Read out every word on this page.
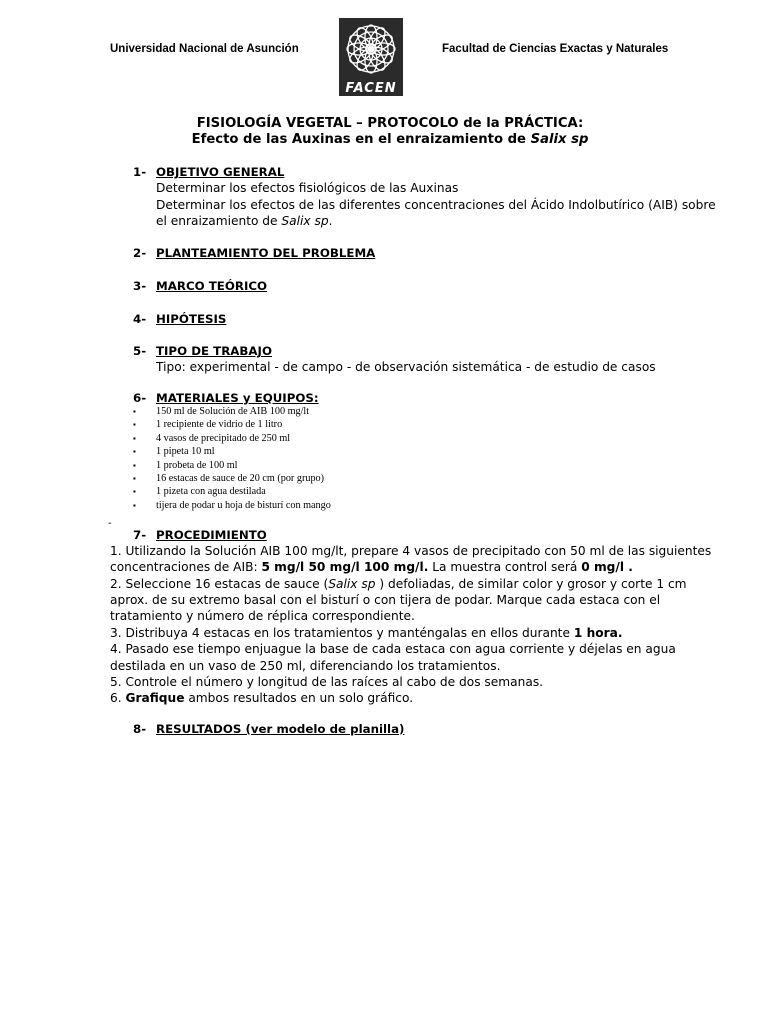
Universidad Nacional de Asunción
FACEN
Facultad de Ciencias Exactas y Naturales
FISIOLOGÍA VEGETAL – PROTOCOLO de la PRÁCTICA:
Efecto de las Auxinas en el enraizamiento de Salix sp
1- OBJETIVO GENERAL
Determinar los efectos fisiológicos de las Auxinas
Determinar los efectos de las diferentes concentraciones del Ácido Indolbutírico (AIB) sobre
el enraizamiento de Salix sp.
2- PLANTEAMIENTO DEL PROBLEMA
3- MARCO TEÓRICO
4- HIPÓTESIS
5- TIPO DE TRABAJO
Tipo: experimental - de campo - de observación sistemática - de estudio de casos
6- MATERIALES y EQUIPOS:
▪ 150 ml de Solución de AIB 100 mg/lt
▪ 1 recipiente de vidrio de 1 litro
▪ 4 vasos de precipitado de 250 ml
▪ 1 pipeta 10 ml
▪ 1 probeta de 100 ml
▪ 16 estacas de sauce de 20 cm (por grupo)
▪ 1 pizeta con agua destilada
▪ tijera de podar u hoja de bisturí con mango
-
7- PROCEDIMIENTO
1. Utilizando la Solución AIB 100 mg/lt, prepare 4 vasos de precipitado con 50 ml de las siguientes
concentraciones de AIB: 5 mg/l 50 mg/l 100 mg/l. La muestra control será 0 mg/l .
2. Seleccione 16 estacas de sauce (Salix sp ) defoliadas, de similar color y grosor y corte 1 cm
aprox. de su extremo basal con el bisturí o con tijera de podar. Marque cada estaca con el
tratamiento y número de réplica correspondiente.
3. Distribuya 4 estacas en los tratamientos y manténgalas en ellos durante 1 hora.
4. Pasado ese tiempo enjuague la base de cada estaca con agua corriente y déjelas en agua
destilada en un vaso de 250 ml, diferenciando los tratamientos.
5. Controle el número y longitud de las raíces al cabo de dos semanas.
6. Grafique ambos resultados en un solo gráfico.
8- RESULTADOS (ver modelo de planilla)
